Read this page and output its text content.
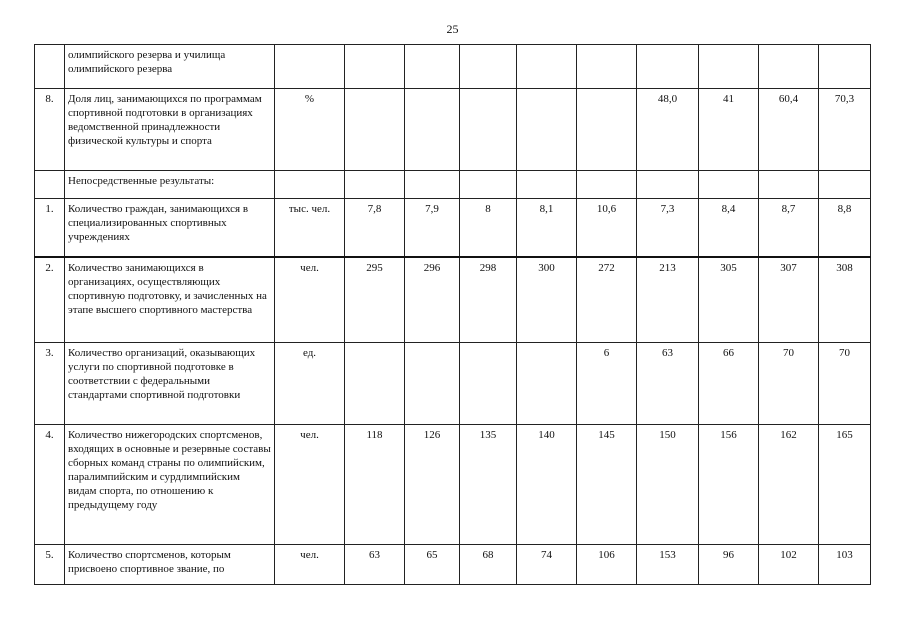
25
	олимпийского резерва и училища олимпийского резерва										
8.	Доля лиц, занимающихся по программам спортивной подготовки в организациях ведомственной принадлежности физической культуры и спорта	%						48,0	41	60,4	70,3
	Непосредственные результаты:										
1.	Количество граждан, занимающихся в специализированных спортивных учреждениях	тыс. чел.	7,8	7,9	8	8,1	10,6	7,3	8,4	8,7	8,8
2.	Количество занимающихся в организациях, осуществляющих спортивную подготовку, и зачисленных на этапе высшего спортивного мастерства	чел.	295	296	298	300	272	213	305	307	308
3.	Количество организаций, оказывающих услуги по спортивной подготовке в соответствии с федеральными стандартами спортивной подготовки	ед.					6	63	66	70	70
4.	Количество нижегородских спортсменов, входящих в основные и резервные составы сборных команд страны по олимпийским, паралимпийским и сурдлимпийским видам спорта, по отношению к предыдущему году	чел.	118	126	135	140	145	150	156	162	165
5.	Количество спортсменов, которым присвоено спортивное звание, по	чел.	63	65	68	74	106	153	96	102	103
